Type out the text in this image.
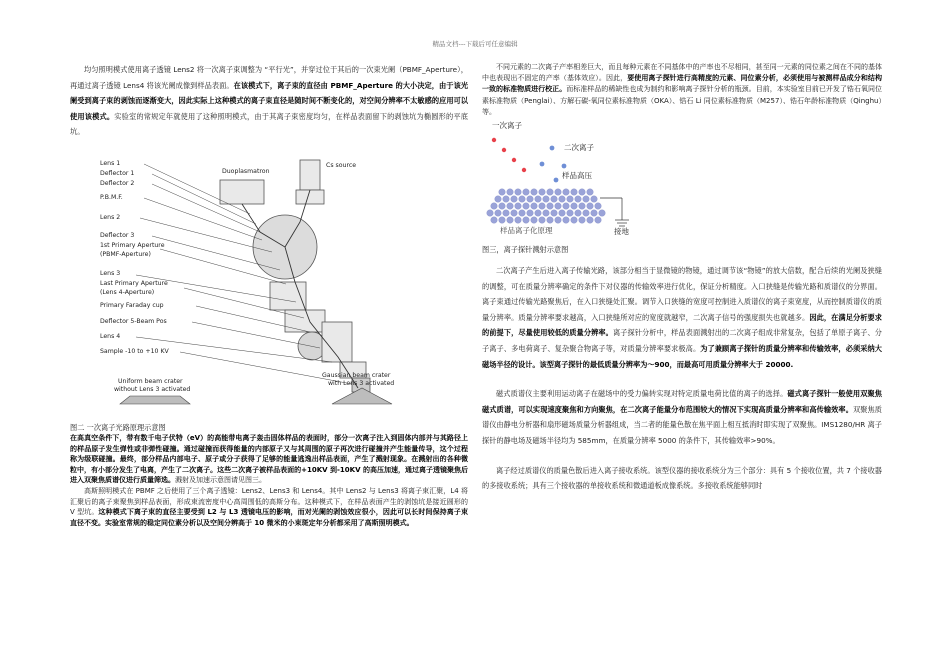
精品文档---下载后可任意编辑

均匀照明模式使用离子透镜 Lens2 将一次离子束调整为 “平行光”，并穿过位于其后的一次束光阑（PBMF_Aperture），再通过离子透镜 Lens4 将该光阑成像到样品表面。在该模式下，离子束的直径由 PBMF_Aperture 的大小决定，由于该光阑受到离子束的剥蚀而逐渐变大，因此实际上这种模式的离子束直径是随时间不断变化的，对空间分辨率不太敏感的应用可以使用该模式。实验室的常规定年就使用了这种照明模式，由于其离子束密度均匀，在样品表面留下的剥蚀坑为椭圆形的平底坑。

Lens 1
Deflector 1
Deflector 2
P.B.M.F.
Lens 2
Deflector 3
1st Primary Aperture
(PBMF-Aperture)
Lens 3
Last Primary Aperture
(Lens 4-Aperture)
Primary Faraday cup
Deflector 5-Beam Pos
Lens 4
Sample -10 to +10 KV
Duoplasmatron
Cs source
Uniform beam crater
without Lens 3 activated
Gaussian beam crater
with Lens 3 activated

图二 一次离子光路原理示意图

在高真空条件下，带有数千电子伏特（eV）的高能带电离子轰击固体样品的表面时，部分一次离子注入到固体内部并与其路径上的样品原子发生弹性或非弹性碰撞。通过碰撞而获得能量的内部原子又与其周围的原子再次进行碰撞并产生能量传导，这个过程称为级联碰撞。最终，部分样品内部电子、原子或分子获得了足够的能量逃逸出样品表面，产生了溅射现象。在溅射出的各种微粒中，有小部分发生了电离，产生了二次离子。这些二次离子被样品表面的+10KV 到-10KV 的高压加速，通过离子透镜聚焦后进入双聚焦质谱仪进行质量筛选。溅射及加速示意图请见图三。

高斯照明模式在 PBMF 之后使用了三个离子透镜：Lens2、Lens3 和 Lens4。其中 Lens2 与 Lens3 将离子束汇聚，L4 将汇聚后的离子束聚焦到样品表面，形成束流密度中心高周围低的高斯分布。这种模式下，在样品表面产生的剥蚀坑是接近圆形的 V 型坑。这种模式下离子束的直径主要受到 L2 与 L3 透镜电压的影响，而对光阑的剥蚀效应很小，因此可以长时间保持离子束直径不变。实验室常规的稳定同位素分析以及空间分辨高于 10 微米的小束斑定年分析都采用了高斯照明模式。

不同元素的二次离子产率相差巨大，而且每种元素在不同基体中的产率也不尽相同，甚至同一元素的同位素之间在不同的基体中也表现出不固定的产率（基体效应）。因此，要使用离子探针进行高精度的元素、同位素分析，必须使用与被测样品成分和结构一致的标准物质进行校正。而标准样品的稀缺性也成为制约和影响离子探针分析的瓶颈。目前，本实验室目前已开发了锆石氧同位素标准物质（Penglai）、方解石碳-氧同位素标准物质（OKA）、锆石 Li 同位素标准物质（M257）、锆石年龄标准物质（Qinghu）等。

一次离子
二次离子
样品高压
接地
样品离子化原理

图三，离子探针溅射示意图

二次离子产生后进入离子传输光路，该部分相当于显微镜的物镜，通过调节该“物镜”的放大倍数，配合后续的光阑及狭缝的调整，可在质量分辨率确定的条件下对仪器的传输效率进行优化，保证分析精度。入口狭缝是传输光路和质谱仪的分界面。离子束通过传输光路聚焦后，在入口狭缝处汇聚。调节入口狭缝的宽度可控制进入质谱仪的离子束宽度，从而控制质谱仪的质量分辨率。质量分辨率要求越高，入口狭缝所对应的宽度就越窄，二次离子信号的强度损失也就越多。因此，在满足分析要求的前提下，尽量使用较低的质量分辨率。离子探针分析中，样品表面溅射出的二次离子组成非常复杂，包括了单原子离子、分子离子、多电荷离子、复杂聚合物离子等，对质量分辨率要求极高。为了兼顾离子探针的质量分辨率和传输效率，必须采纳大磁场半径的设计。该型离子探针的最低质量分辨率为～900，而最高可用质量分辨率大于 20000.

磁式质谱仪主要利用运动离子在磁场中的受力偏转实现对特定质量电荷比值的离子的选择。磁式离子探针一般使用双聚焦磁式质谱，可以实现速度聚焦和方向聚焦，在二次离子能量分布范围较大的情况下实现高质量分辨率和高传输效率。双聚焦质谱仪由静电分析器和扇形磁场质量分析器组成，当二者的能量色散在焦平面上相互抵消时即实现了双聚焦。IMS1280/HR 离子探针的静电场及磁场半径均为 585mm，在质量分辨率 5000 的条件下，其传输效率>90%。

离子经过质谱仪的质量色散后进入离子接收系统。该型仪器的接收系统分为三个部分：具有 5 个接收位置，共 7 个接收器的多接收系统；具有三个接收器的单接收系统和微通道板成像系统。多接收系统能够同时
